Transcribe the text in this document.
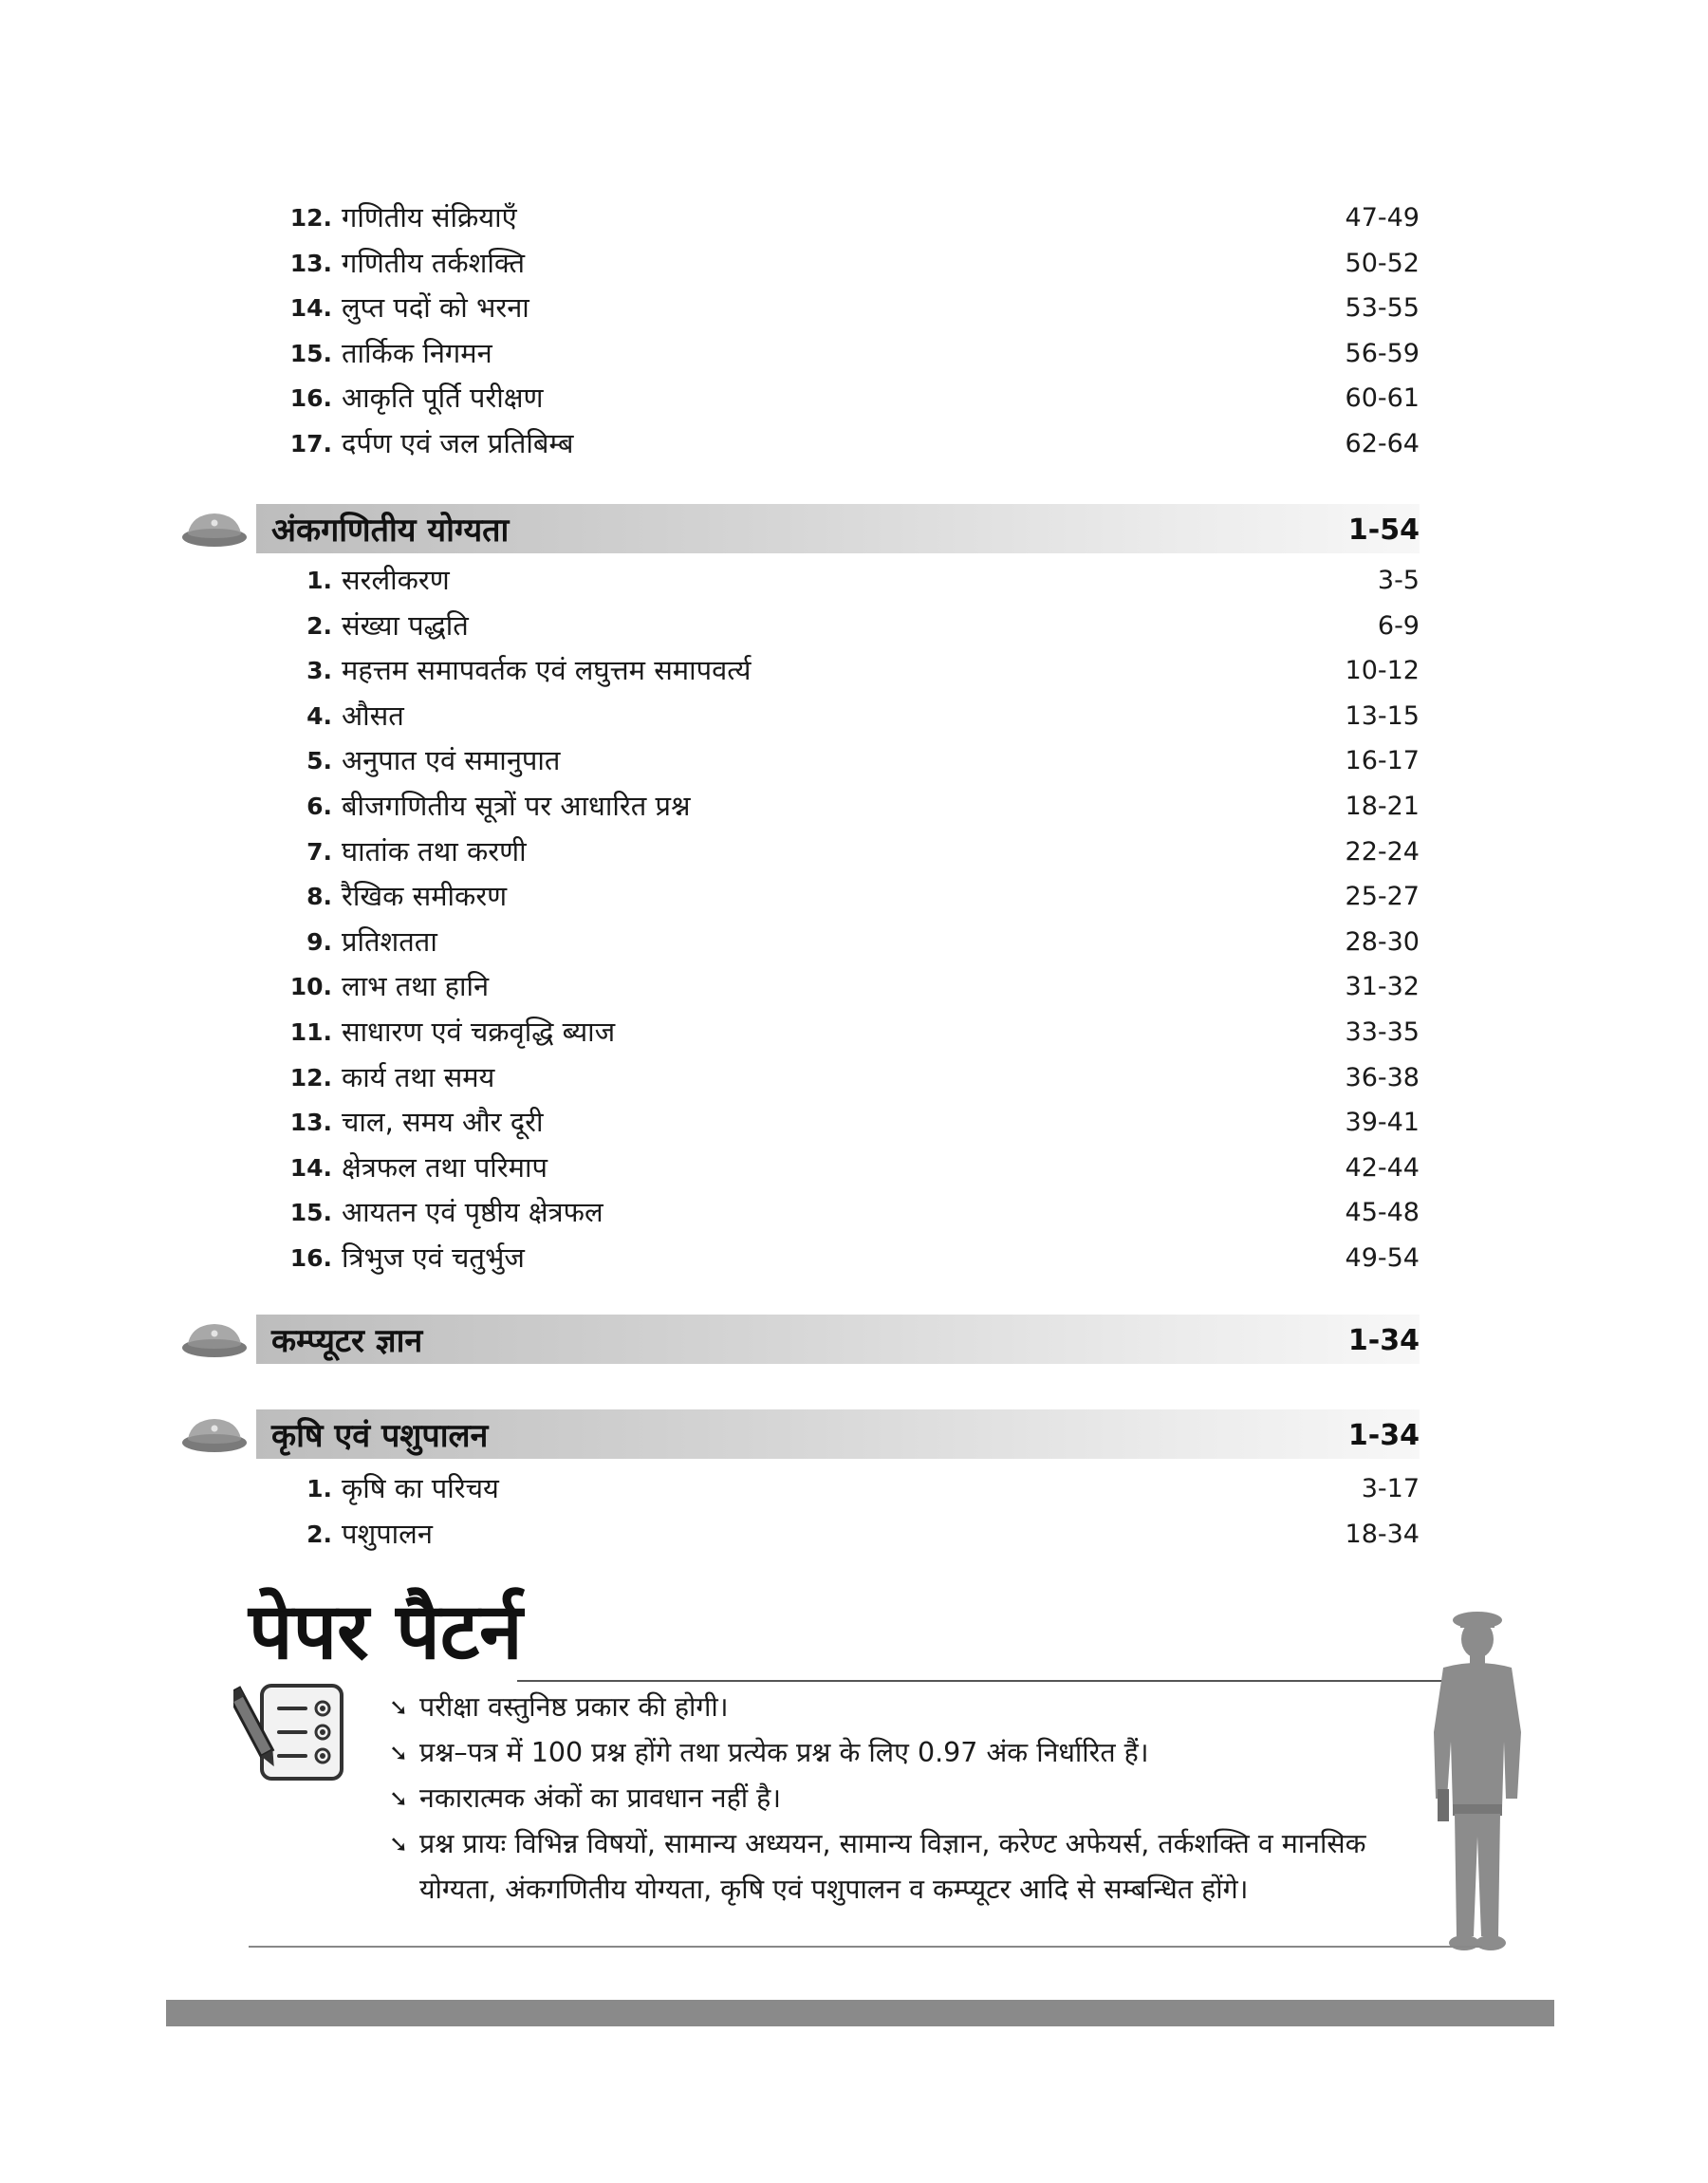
12. गणितीय संक्रियाएँ	47-49
13. गणितीय तर्कशक्ति	50-52
14. लुप्त पदों को भरना	53-55
15. तार्किक निगमन	56-59
16. आकृति पूर्ति परीक्षण	60-61
17. दर्पण एवं जल प्रतिबिम्ब	62-64
अंकगणितीय योग्यता	1-54
1. सरलीकरण	3-5
2. संख्या पद्धति	6-9
3. महत्तम समापवर्तक एवं लघुत्तम समापवर्त्य	10-12
4. औसत	13-15
5. अनुपात एवं समानुपात	16-17
6. बीजगणितीय सूत्रों पर आधारित प्रश्न	18-21
7. घातांक तथा करणी	22-24
8. रैखिक समीकरण	25-27
9. प्रतिशतता	28-30
10. लाभ तथा हानि	31-32
11. साधारण एवं चक्रवृद्धि ब्याज	33-35
12. कार्य तथा समय	36-38
13. चाल, समय और दूरी	39-41
14. क्षेत्रफल तथा परिमाप	42-44
15. आयतन एवं पृष्ठीय क्षेत्रफल	45-48
16. त्रिभुज एवं चतुर्भुज	49-54
कम्प्यूटर ज्ञान	1-34
कृषि एवं पशुपालन	1-34
1. कृषि का परिचय	3-17
2. पशुपालन	18-34
पेपर पैटर्न
➘ परीक्षा वस्तुनिष्ठ प्रकार की होगी।
➘ प्रश्न–पत्र में 100 प्रश्न होंगे तथा प्रत्येक प्रश्न के लिए 0.97 अंक निर्धारित हैं।
➘ नकारात्मक अंकों का प्रावधान नहीं है।
➘ प्रश्न प्रायः विभिन्न विषयों, सामान्य अध्ययन, सामान्य विज्ञान, करेण्ट अफेयर्स, तर्कशक्ति व मानसिक योग्यता, अंकगणितीय योग्यता, कृषि एवं पशुपालन व कम्प्यूटर आदि से सम्बन्धित होंगे।
